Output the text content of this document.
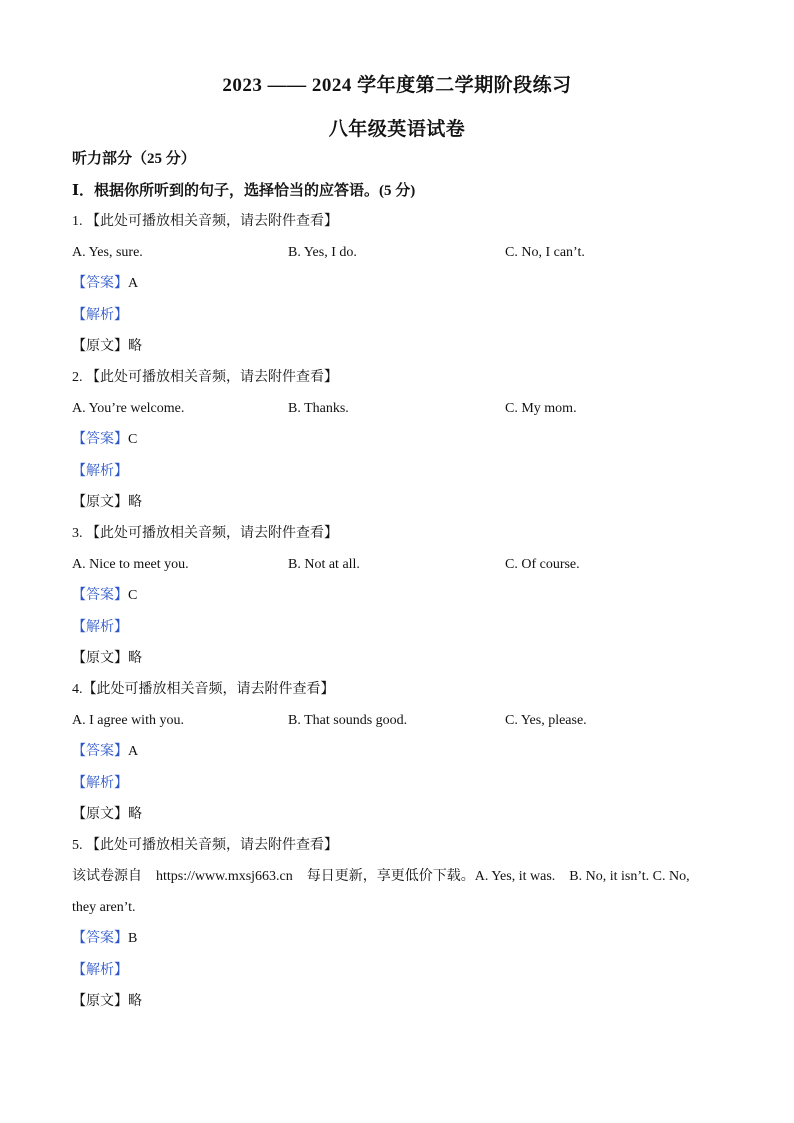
2023 —— 2024 学年度第二学期阶段练习
八年级英语试卷
听力部分（25 分）
Ⅰ．根据你所听到的句子，选择恰当的应答语。(5 分)
1. 【此处可播放相关音频，请去附件查看】
A. Yes, sure.	B. Yes, I do.	C. No, I can’t.
【答案】A
【解析】
【原文】略
2. 【此处可播放相关音频，请去附件查看】
A. You’re welcome.	B. Thanks.	C. My mom.
【答案】C
【解析】
【原文】略
3. 【此处可播放相关音频，请去附件查看】
A. Nice to meet you.	B. Not at all.	C. Of course.
【答案】C
【解析】
【原文】略
4.【此处可播放相关音频，请去附件查看】
A. I agree with you.	B. That sounds good.	C. Yes, please.
【答案】A
【解析】
【原文】略
5. 【此处可播放相关音频，请去附件查看】
该试卷源自　https://www.mxsj663.cn　每日更新，享更低价下载。A. Yes, it was.　B. No, it isn’t. C. No,
they aren’t.
【答案】B
【解析】
【原文】略
